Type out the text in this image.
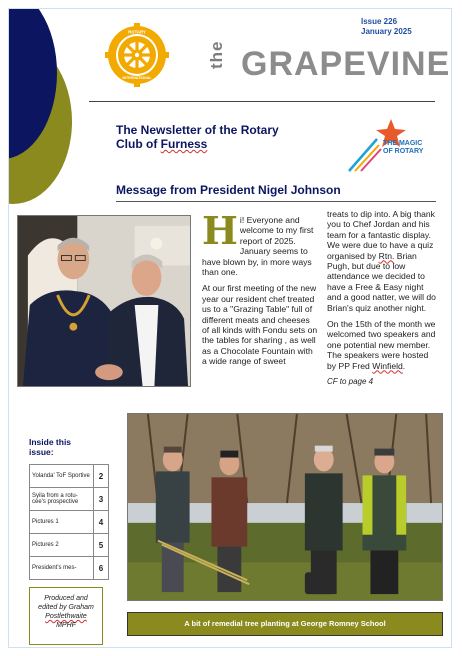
ROTARY
INTERNATIONAL
the GRAPEVINE
Issue 226
January 2025
The Newsletter of the Rotary
Club of Furness	THE MAGIC
OF ROTARY
Message from President Nigel Johnson

Hi! Everyone and welcome to my first report of 2025. January seems to have blown by, in more ways than one.

At our first meeting of the new year our resident chef treated us to a "Grazing Table" full of different meats and cheeses of all kinds with Fondu sets on the tables for sharing , as well as a Chocolate Fountain with a wide range of sweet

treats to dip into. A big thank you to Chef Jordan and his team for a fantastic display. We were due to have a quiz organised by Rtn. Brian Pugh, but due to low attendance we decided to have a Free & Easy night and a good natter, we will do Brian's quiz another night.

On the 15th of the month we welcomed two speakers and one potential new member. The speakers were hosted by PP Fred Winfield.

CF to page 4
Inside this
issue:
Yolanda' ToF Sportive	2
Syila from a rotu- cee's prospective	3
Pictures 1	4
Pictures 2	5
President's mes-	6
A bit of remedial tree planting at George Romney School
Produced and
edited by Graham
Postlethwaite
MPHF
